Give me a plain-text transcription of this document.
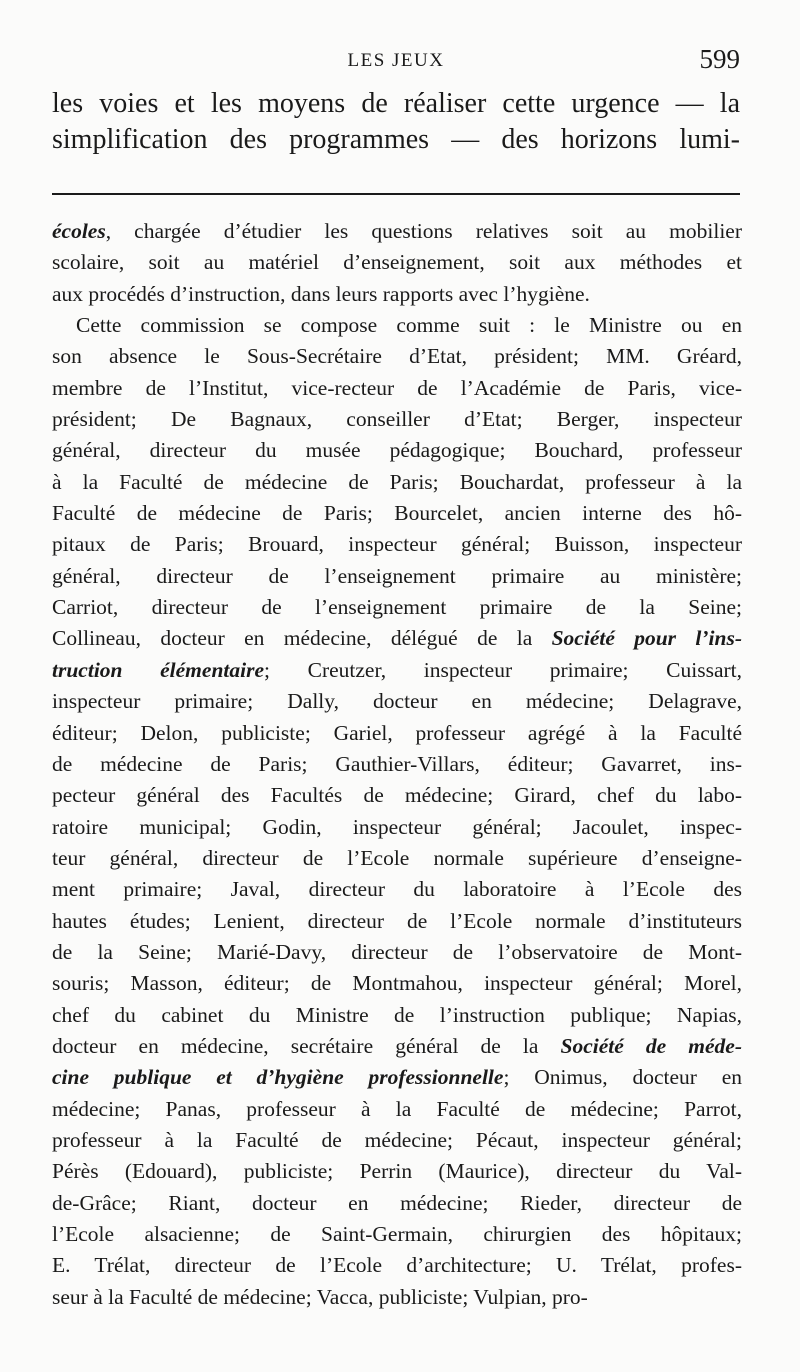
LES JEUX	599
les voies et les moyens de réaliser cette urgence — la
simplification des programmes — des horizons lumi-
écoles, chargée d’étudier les questions relatives soit au mobilier
scolaire, soit au matériel d’enseignement, soit aux méthodes et
aux procédés d’instruction, dans leurs rapports avec l’hygiène.
Cette commission se compose comme suit : le Ministre ou en
son absence le Sous-Secrétaire d’Etat, président; MM. Gréard,
membre de l’Institut, vice-recteur de l’Académie de Paris, vice-
président; De Bagnaux, conseiller d’Etat; Berger, inspecteur
général, directeur du musée pédagogique; Bouchard, professeur
à la Faculté de médecine de Paris; Bouchardat, professeur à la
Faculté de médecine de Paris; Bourcelet, ancien interne des hô-
pitaux de Paris; Brouard, inspecteur général; Buisson, inspecteur
général, directeur de l’enseignement primaire au ministère;
Carriot, directeur de l’enseignement primaire de la Seine;
Collineau, docteur en médecine, délégué de la Société pour l’ins-
truction élémentaire; Creutzer, inspecteur primaire; Cuissart,
inspecteur primaire; Dally, docteur en médecine; Delagrave,
éditeur; Delon, publiciste; Gariel, professeur agrégé à la Faculté
de médecine de Paris; Gauthier-Villars, éditeur; Gavarret, ins-
pecteur général des Facultés de médecine; Girard, chef du labo-
ratoire municipal; Godin, inspecteur général; Jacoulet, inspec-
teur général, directeur de l’Ecole normale supérieure d’enseigne-
ment primaire; Javal, directeur du laboratoire à l’Ecole des
hautes études; Lenient, directeur de l’Ecole normale d’instituteurs
de la Seine; Marié-Davy, directeur de l’observatoire de Mont-
souris; Masson, éditeur; de Montmahou, inspecteur général; Morel,
chef du cabinet du Ministre de l’instruction publique; Napias,
docteur en médecine, secrétaire général de la Société de méde-
cine publique et d’hygiène professionnelle; Onimus, docteur en
médecine; Panas, professeur à la Faculté de médecine; Parrot,
professeur à la Faculté de médecine; Pécaut, inspecteur général;
Pérès (Edouard), publiciste; Perrin (Maurice), directeur du Val-
de-Grâce; Riant, docteur en médecine; Rieder, directeur de
l’Ecole alsacienne; de Saint-Germain, chirurgien des hôpitaux;
E. Trélat, directeur de l’Ecole d’architecture; U. Trélat, profes-
seur à la Faculté de médecine; Vacca, publiciste; Vulpian, pro-
